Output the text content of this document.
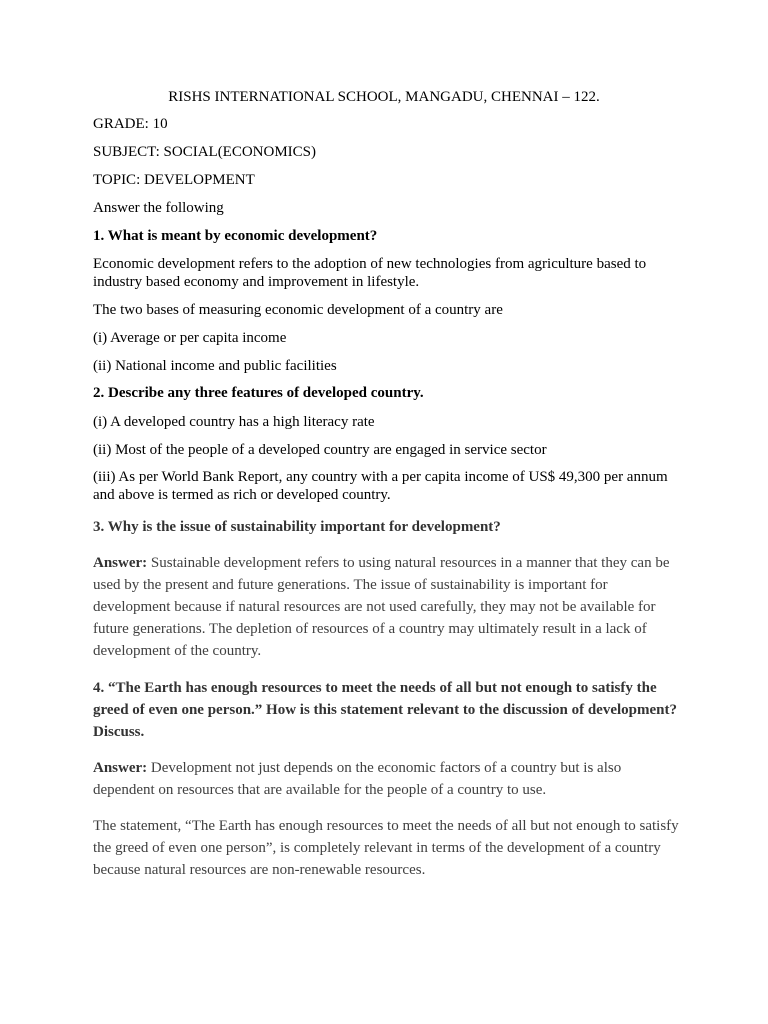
RISHS INTERNATIONAL SCHOOL, MANGADU, CHENNAI – 122.

GRADE: 10

SUBJECT: SOCIAL(ECONOMICS)

TOPIC: DEVELOPMENT

Answer the following

1. What is meant by economic development?

Economic development refers to the adoption of new technologies from agriculture based to industry based economy and improvement in lifestyle.

The two bases of measuring economic development of a country are

(i) Average or per capita income

(ii) National income and public facilities

2. Describe any three features of developed country.

(i) A developed country has a high literacy rate

(ii) Most of the people of a developed country are engaged in service sector

(iii) As per World Bank Report, any country with a per capita income of US$ 49,300 per annum and above is termed as rich or developed country.

3. Why is the issue of sustainability important for development?

Answer: Sustainable development refers to using natural resources in a manner that they can be used by the present and future generations. The issue of sustainability is important for development because if natural resources are not used carefully, they may not be available for future generations. The depletion of resources of a country may ultimately result in a lack of development of the country.

4. “The Earth has enough resources to meet the needs of all but not enough to satisfy the greed of even one person.” How is this statement relevant to the discussion of development? Discuss.

Answer: Development not just depends on the economic factors of a country but is also dependent on resources that are available for the people of a country to use.

The statement, “The Earth has enough resources to meet the needs of all but not enough to satisfy the greed of even one person”, is completely relevant in terms of the development of a country because natural resources are non-renewable resources.
